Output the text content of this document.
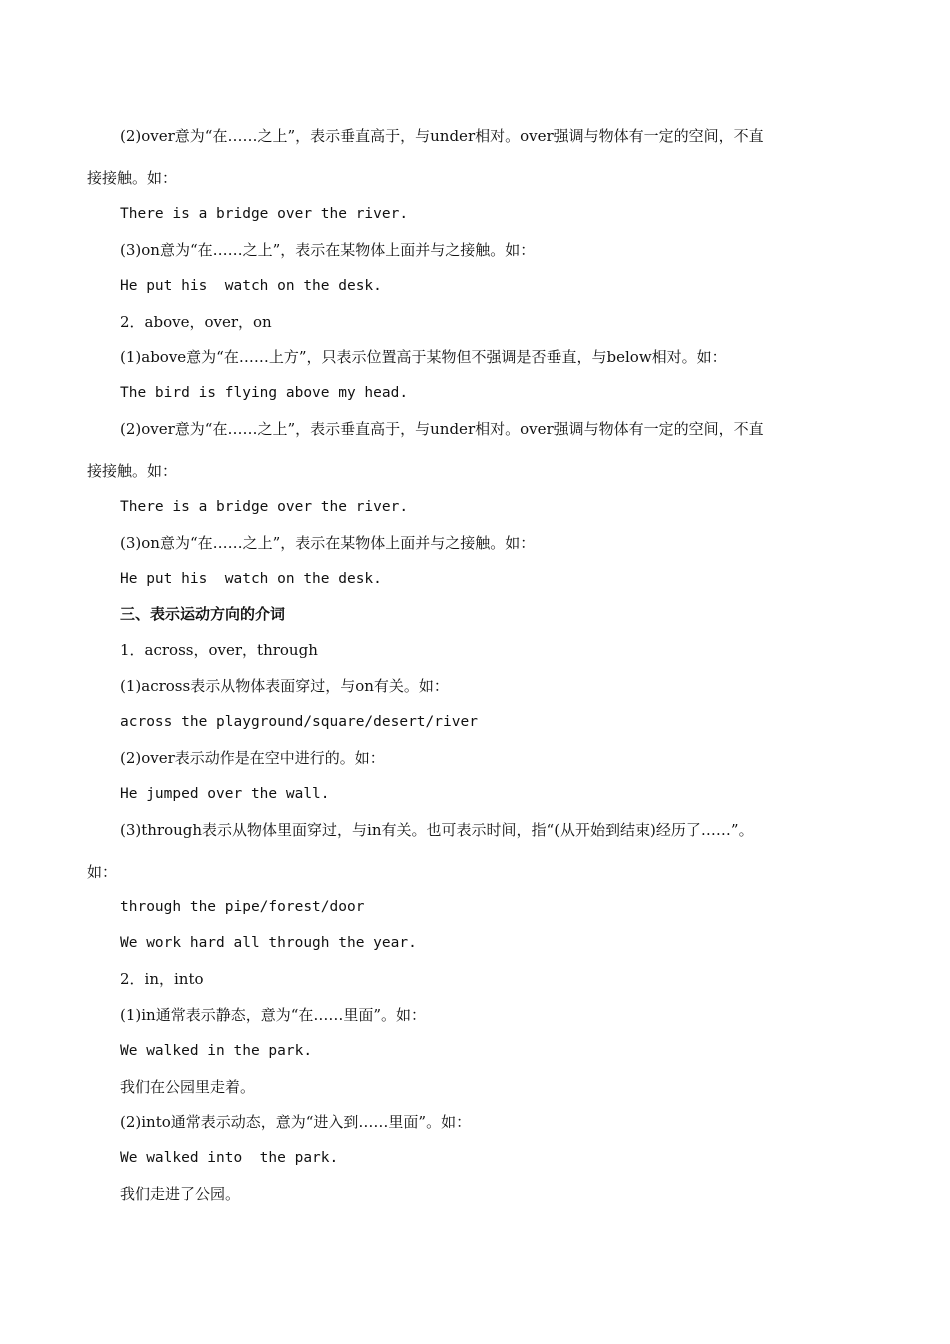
(2)over意为“在……之上”，表示垂直高于，与under相对。over强调与物体有一定的空间，不直
接接触。如：
There is a bridge over the river.
(3)on意为“在……之上”，表示在某物体上面并与之接触。如：
He put his  watch on the desk.
2．above，over，on
(1)above意为“在……上方”，只表示位置高于某物但不强调是否垂直，与below相对。如：
The bird is flying above my head.
(2)over意为“在……之上”，表示垂直高于，与under相对。over强调与物体有一定的空间，不直
接接触。如：
There is a bridge over the river.
(3)on意为“在……之上”，表示在某物体上面并与之接触。如：
He put his  watch on the desk.
三、表示运动方向的介词
1．across，over，through
(1)across表示从物体表面穿过，与on有关。如：
across the playground/square/desert/river
(2)over表示动作是在空中进行的。如：
He jumped over the wall.
(3)through表示从物体里面穿过，与in有关。也可表示时间，指“(从开始到结束)经历了……”。
如：
through the pipe/forest/door
We work hard all through the year.
2．in，into
(1)in通常表示静态，意为“在……里面”。如：
We walked in the park.
我们在公园里走着。
(2)into通常表示动态，意为“进入到……里面”。如：
We walked into  the park.
我们走进了公园。
